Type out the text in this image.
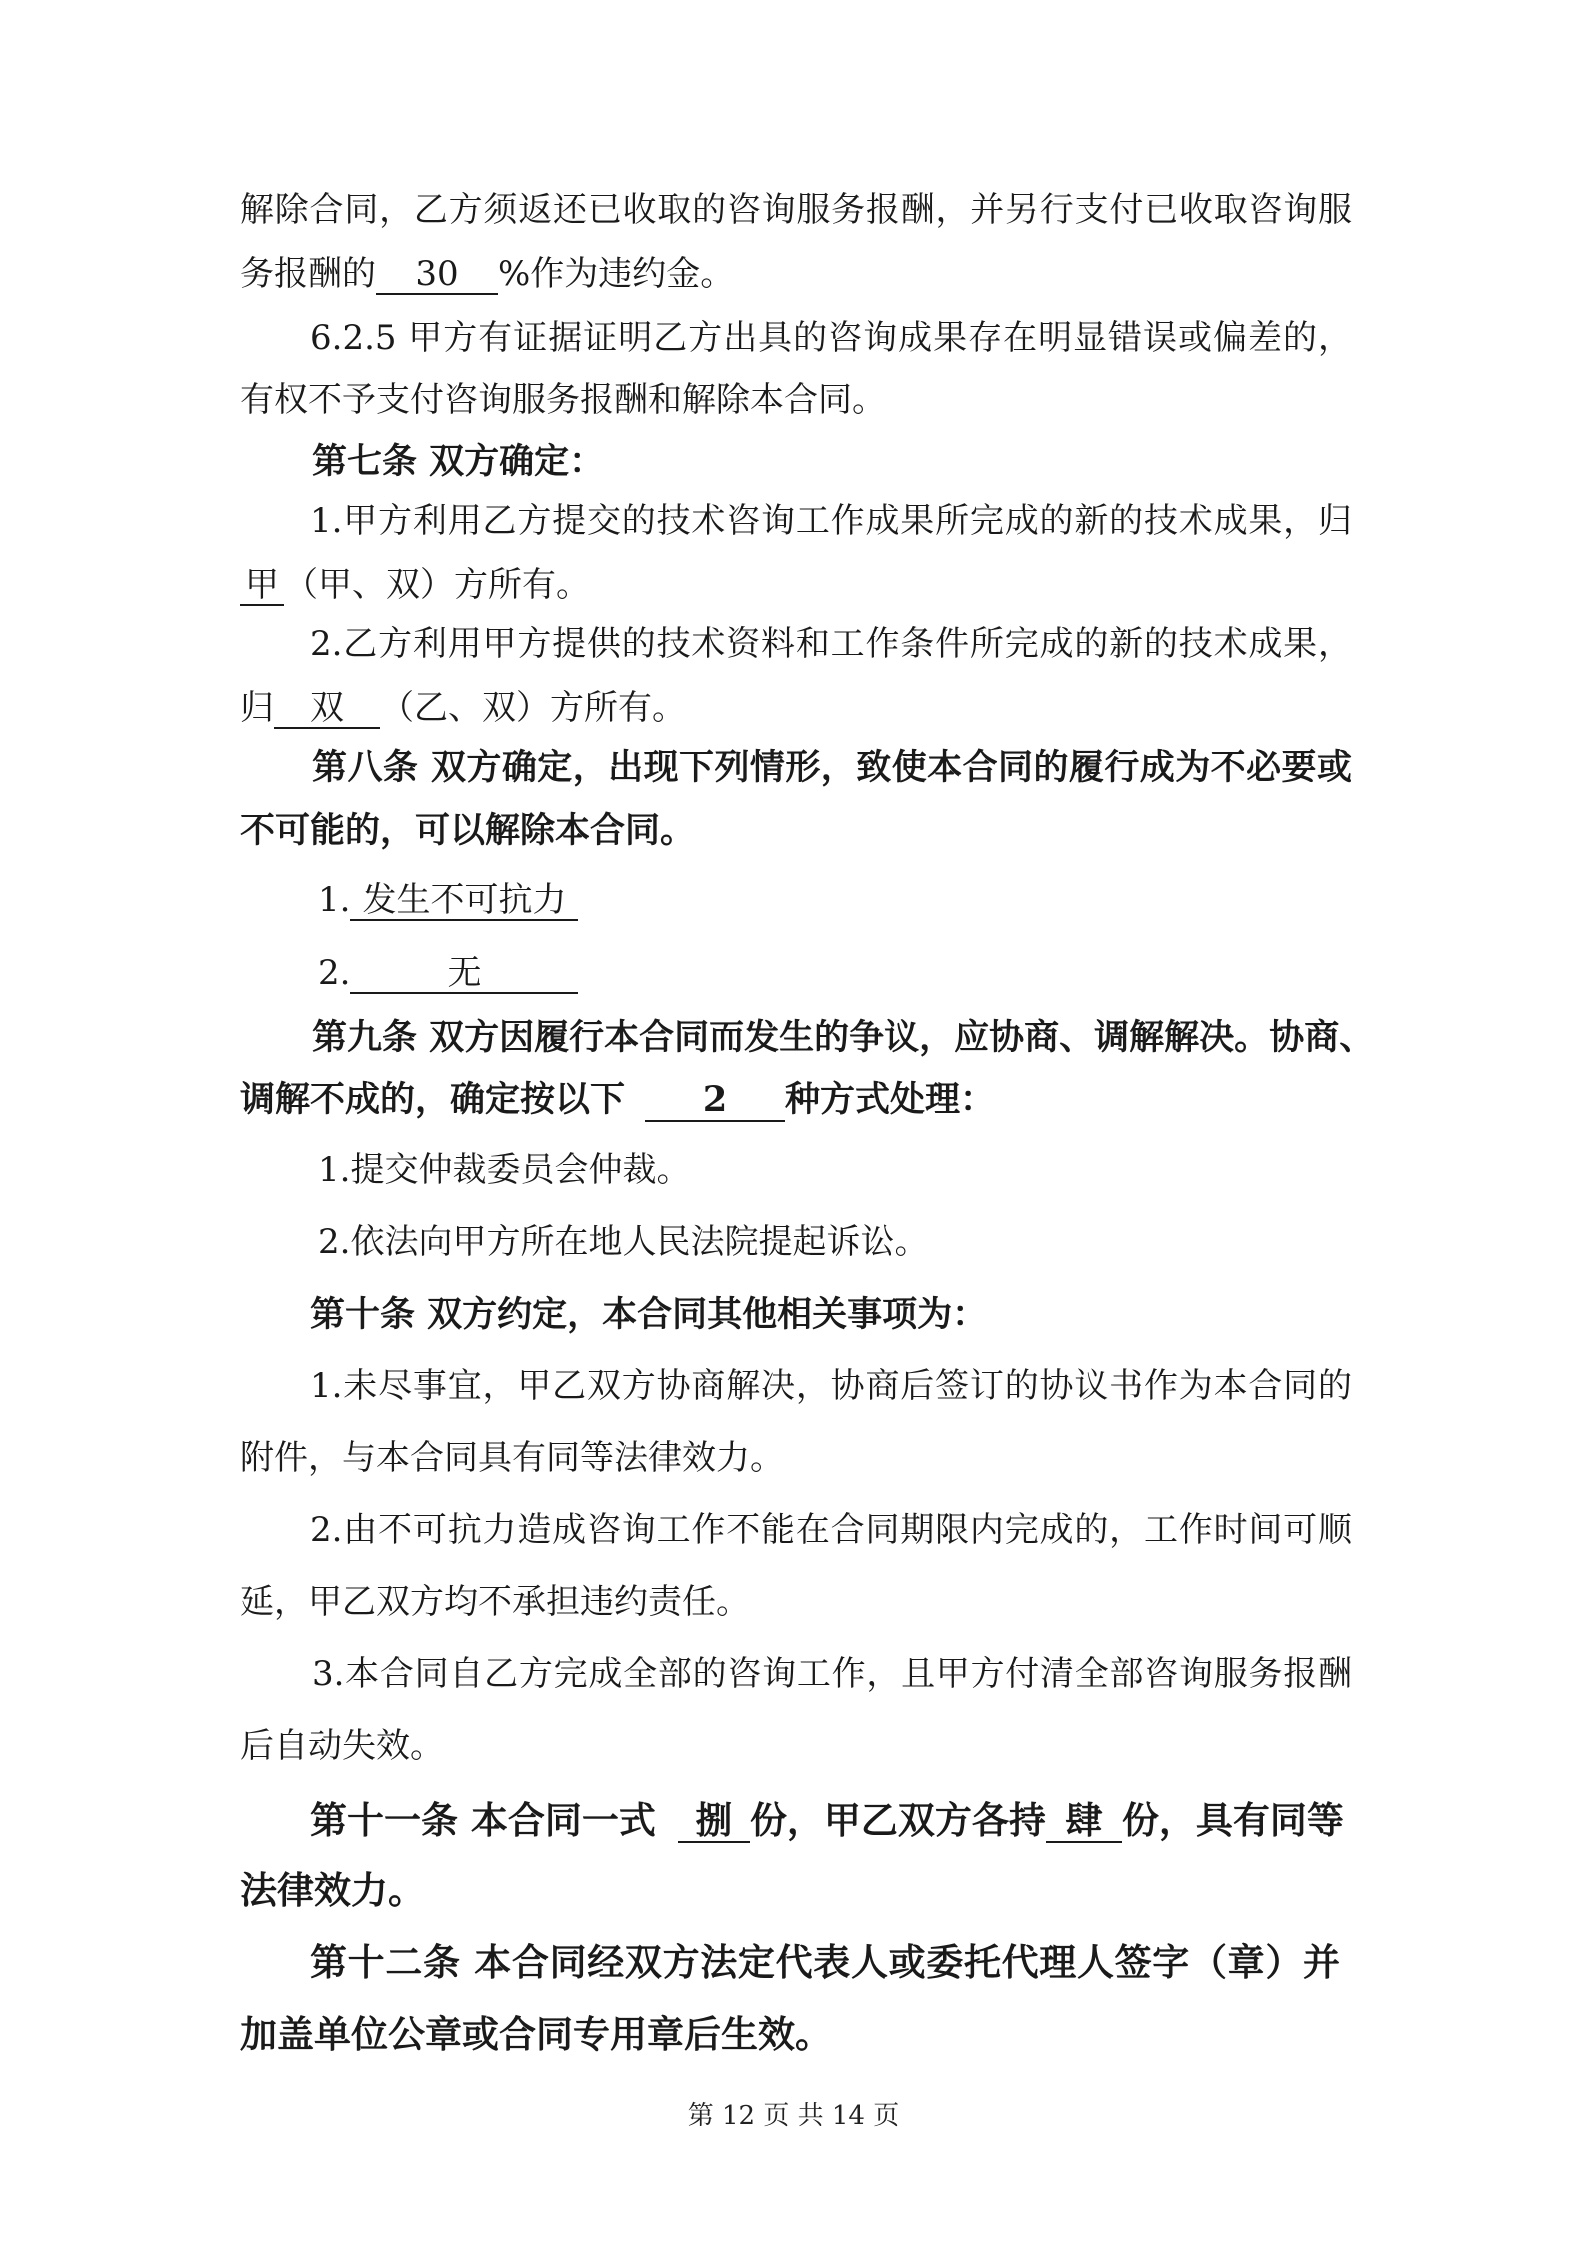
解除合同，乙方须返还已收取的咨询服务报酬，并另行支付已收取咨询服
务报酬的 30 %作为违约金。
6.2.5 甲方有证据证明乙方出具的咨询成果存在明显错误或偏差的，
有权不予支付咨询服务报酬和解除本合同。
第七条 双方确定：
1.甲方利用乙方提交的技术咨询工作成果所完成的新的技术成果，归
甲 （甲、双）方所有。
2.乙方利用甲方提供的技术资料和工作条件所完成的新的技术成果，
归 双 （乙、双）方所有。
第八条 双方确定，出现下列情形，致使本合同的履行成为不必要或
不可能的，可以解除本合同。
1. 发生不可抗力
2.	无
第九条 双方因履行本合同而发生的争议，应协商、调解解决。协商、
调解不成的，确定按以下 2 种方式处理：
1.提交仲裁委员会仲裁。
2.依法向甲方所在地人民法院提起诉讼。
第十条 双方约定，本合同其他相关事项为：
1.未尽事宜，甲乙双方协商解决，协商后签订的协议书作为本合同的
附件，与本合同具有同等法律效力。
2.由不可抗力造成咨询工作不能在合同期限内完成的，工作时间可顺
延，甲乙双方均不承担违约责任。
3.本合同自乙方完成全部的咨询工作，且甲方付清全部咨询服务报酬
后自动失效。
第十一条 本合同一式 捌 份，甲乙双方各持 肆 份，具有同等
法律效力。
第十二条 本合同经双方法定代表人或委托代理人签字（章）并
加盖单位公章或合同专用章后生效。
第 12 页 共 14 页
